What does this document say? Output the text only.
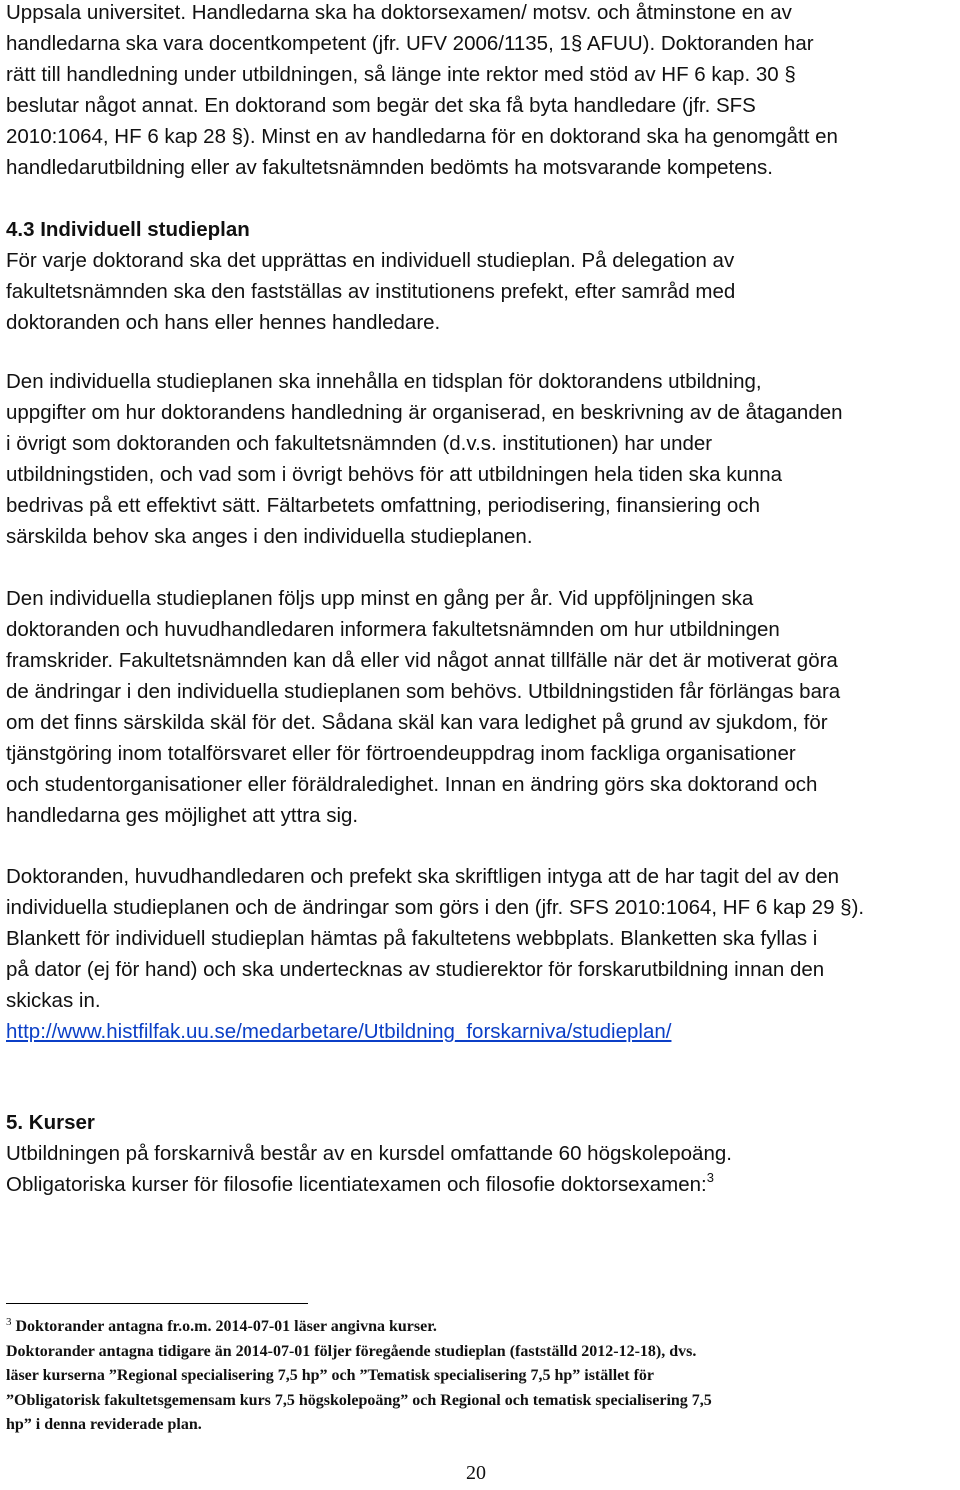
Uppsala universitet. Handledarna ska ha doktorsexamen/ motsv. och åtminstone en av

handledarna ska vara docentkompetent (jfr. UFV 2006/1135, 1§ AFUU). Doktoranden har

rätt till handledning under utbildningen, så länge inte rektor med stöd av HF 6 kap. 30 §

beslutar något annat. En doktorand som begär det ska få byta handledare (jfr. SFS

2010:1064, HF 6 kap 28 §). Minst en av handledarna för en doktorand ska ha genomgått en

handledarutbildning eller av fakultetsnämnden bedömts ha motsvarande kompetens.

4.3 Individuell studieplan

För varje doktorand ska det upprättas en individuell studieplan. På delegation av

fakultetsnämnden ska den fastställas av institutionens prefekt, efter samråd med

doktoranden och hans eller hennes handledare.

Den individuella studieplanen ska innehålla en tidsplan för doktorandens utbildning,

uppgifter om hur doktorandens handledning är organiserad, en beskrivning av de åtaganden

i övrigt som doktoranden och fakultetsnämnden (d.v.s. institutionen) har under

utbildningstiden, och vad som i övrigt behövs för att utbildningen hela tiden ska kunna

bedrivas på ett effektivt sätt. Fältarbetets omfattning, periodisering, finansiering och

särskilda behov ska anges i den individuella studieplanen.

Den individuella studieplanen följs upp minst en gång per år. Vid uppföljningen ska

doktoranden och huvudhandledaren informera fakultetsnämnden om hur utbildningen

framskrider. Fakultetsnämnden kan då eller vid något annat tillfälle när det är motiverat göra

de ändringar i den individuella studieplanen som behövs. Utbildningstiden får förlängas bara

om det finns särskilda skäl för det. Sådana skäl kan vara ledighet på grund av sjukdom, för

tjänstgöring inom totalförsvaret eller för förtroendeuppdrag inom fackliga organisationer

och studentorganisationer eller föräldraledighet. Innan en ändring görs ska doktorand och

handledarna ges möjlighet att yttra sig.

Doktoranden, huvudhandledaren och prefekt ska skriftligen intyga att de har tagit del av den

individuella studieplanen och de ändringar som görs i den (jfr. SFS 2010:1064, HF 6 kap 29 §).

Blankett för individuell studieplan hämtas på fakultetens webbplats. Blanketten ska fyllas i

på dator (ej för hand) och ska undertecknas av studierektor för forskarutbildning innan den

skickas in.

http://www.histfilfak.uu.se/medarbetare/Utbildning_forskarniva/studieplan/

5. Kurser

Utbildningen på forskarnivå består av en kursdel omfattande 60 högskolepoäng.

Obligatoriska kurser för filosofie licentiatexamen och filosofie doktorsexamen:$^3$

$^3$ Doktorander antagna fr.o.m. 2014-07-01 läser angivna kurser.

Doktorander antagna tidigare än 2014-07-01 följer föregående studieplan (fastställd 2012-12-18), dvs.

läser kurserna ”Regional specialisering 7,5 hp” och ”Tematisk specialisering 7,5 hp” istället för

”Obligatorisk fakultetsgemensam kurs 7,5 högskolepoäng” och Regional och tematisk specialisering 7,5

hp” i denna reviderade plan.

20
